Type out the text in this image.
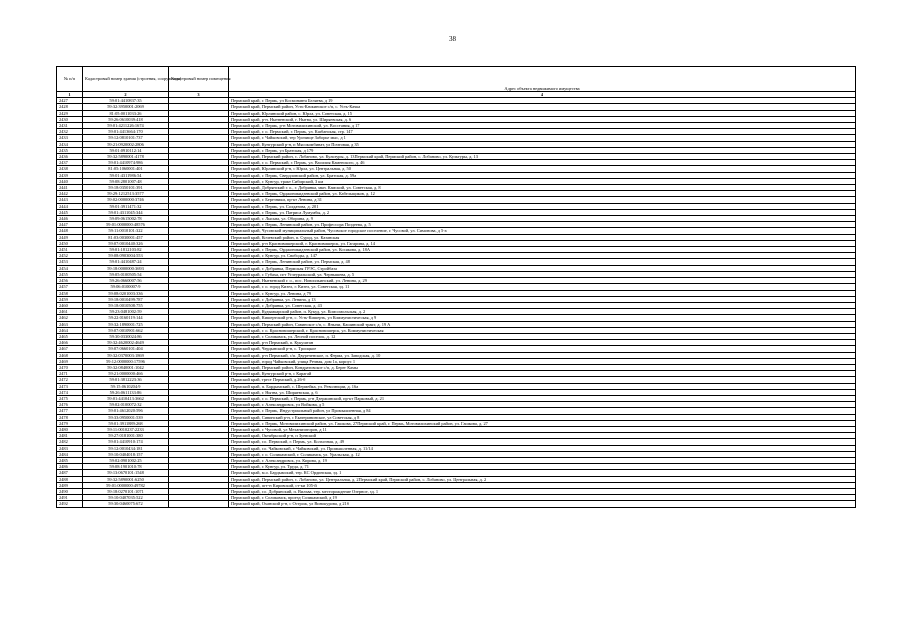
38
№ п/п	Кадастровый номер здания (строения, сооружения)	Кадастровый номер помещения	Адрес объекта недвижимого имущества
1	2	3	4
2427	59:01:4410837:35		Пермский край, г. Пермь, ул Космонавта Беляева, д 19
2428	59:32:3950001:2069		Пермский край, Пермский район, Усть-Качкинское с/п, с. Усть-Качка
2429	81:05:0011033:26		Пермский край, Юрлинский район, с. Юрла, ул. Советская, д. 15
2430	59:26:0610039:418		Пермский край, р-н. Нытвенский, г. Нытва, ул. Ширяевская, д. 6
2431	59:01:4211226:1674		Пермский край, г. Пермь, р-н Мотовилихинский, ул. Восстания, д 17
2432	59:01:4413664:170		Пермский край, г. о. Пермский, г. Пермь, ул. Кшбанская, стр. 147
2433	59:12:0810101:737		Пермский край, г. Чайковский, тер Урочище Заборье мыс, д 1
2434	59:21:0920002:2806		Пермский край, Кунгурский р-н, п Мясокомбинат, ул Почтовая, д 35
2435	59:01:0910112:14		Пермский край, г. Пермь, ул Братская, д 179
2436	59:32:5890001:4178		Пермский край, Пермский район, с. Лобаново, ул. Культуры, д. 13Пермский край, Пермский район, с. Лобаново, ул. Культуры, д. 13
2437	59:01:4410974:986		Пермский край, г. о. Пермский, г. Пермь, ул. Василия Каменского, д. 46
2438	81:05:1060001:401		Пермский край, Юрлинский р-н, с Юрла, ул. Центральная, д. 50
2439	59:01:4311986:54		Пермский край, г. Пермь, Свердловский район, ул. Братская, д. 59а
2440	59:08:2801007:48		Пермский край, г. Кунгур, тракт Сибирский, 3 км
2441	59:18:0350101:391		Пермский край, Добрянский г. о., г. Добрянка, мкн. Камский, ул. Советская, д. 8
2442	59:29:1212513:3577		Пермский край, г. Пермь, Орджоникидзевский район, ул. Кабельщиков, д. 12
2443	59:02:0000000:3746		Пермский край, г. Березники, пр-кт Ленина, д 31
2444	59:01:3911471:32		Пермский край, г. Пермь, ул. Солдатова, д. 201
2445	59:01:4311045:344		Пермский край, г. Пермь, ул. Патриса Лумумбы, д. 2
2446	59:09:0615002:78		Пермский край, г. Лысьва, ул. Оборина, д. 9
2447	59:01:0000000:48576		Пермский край, г. Пермь, Ленинский район, ул. Профессора Поздеева, д. 5
2448	59:11:0010101:322		Пермский край, Чусовской муниципальный район, Чусовское городское поселение, г. Чусовой, ул. Симонова, д 5-а
2449	81:03:0030001:457		Пермский край, Кочевский район, п. Сурод, ул. Казанская
2450	59:07:0010440:326		Пермский край, р-н Красновишерский, г. Красновишерск, ул. Гагарина, д. 14
2451	59:01:1812103:82		Пермский край, г. Пермь, Орджоникидзевский район, ул. Косякова, д. 18А
2452	59:08:0903004:553		Пермский край, г. Кунгур, ул. Свободы, д. 147
2453	59:01:4410487:24		Пермский край, г. Пермь, Ленинский район, ул. Пермская, д. 48
2454	59:18:0000000:3693		Пермский край, г. Добрянка, Пермская ГРЭС, Стройбаза
2455	59:05:0100505:54		Пермский край, г. Губаха, пгт Углеуральский, ул. Чернышева, д. 5
2456	59:26:0660007:56		Пермский край, Нытвенский г. о., пос. Новоильинский, ул. Ленина, д. 29
2457	59:06:0100007:9		Пермский край, г. о. город Кизел, г. Кизел, ул. Советская, зд. 11
2458	59:08:0201003:336		Пермский край, г. Кунгур, ул. Ленина, д 79
2459	59:18:0010499:787		Пермский край, г. Добрянка, ул. Ленина, д 13
2460	59:18:0010508:755		Пермский край, г. Добрянка, ул. Советская, д. 43
2461	59:23:0481002:59		Пермский край, Кудымкарский район, п. Кукуд, ул. Комсомольская, д. 2
2462	59:22:0160119:144		Пермский край, Кишертский р-н, с. Усть-Кишерть, ул Коммунистическая, д 9
2463	59:32:1890001:725		Пермский край, Пермский район, Савинское с/п, с. Янычи, Кашинский тракт, д. 19 А
2464	59:07:0010901:662		Пермский край, г. о. Красновишерский, г. Красновишерск, ул. Коммунистическая
2465	59:30:0330024:86		Пермский край, г. Соликамск, ул. Лесной поселок, д. 12
2466	59:32:4620002:4649		Пермский край, р-н Пермский, п. Кукуштан
2467	59:07:0660101:404		Пермский край, Чердынский р-н, с. Троицкое
2468	59:32:0370003:1869		Пермский край, р-н Пермский, с/п. Двуреченское, п. Ферма, ул. Заводская, д. 10
2469	59:12:0000000:17596		Пермский край, город Чайковский, улица Речная, дом 1а, корпус 1
2470	59:32:0840001:1042		Пермский край, Пермский район, Кондратовское с/п, д. Берег Камы
2471	59:21:0000000:466		Пермский край, Кунгурский р-н, с Карагай
2472	59:01:3812223:36		Пермский край, трест Пермский, д.26-б
2473	59:15:0610204:9		Пермский край, п. Бардымский, с. Шермейка, ул. Революции, д. 16а
2474	59:26:0611133:86		Пермский край, г. Нытва, ул. Ширяевская, д. 6
2475	59:01:4410413:3662		Пермский край, г. о. Пермский, г. Пермь, р-н Дзержинский, пр-кт Парковый, д. 21
2476	59:02:0100072:32		Пермский край, г. Александровск, ул Войкова, д 5
2477	59:01:4612020:596		Пермский край, г. Пермь, Индустриальный район, ул Промышленная, д 84
2478	59:33:0950001:539		Пермский край, Сивинский р-н, с Екатерининское, ул Советская, д 8
2479	59:01:3911889:268		Пермский край, г. Пермь, Мотовилихинский район, ул. Гашкова, 27Пермский край, г. Пермь, Мотовилихинский район, ул. Гашкова, д. 27
2480	59:11:0010237:2233		Пермский край, г. Чусовой, ул Механизаторов, д 11
2481	59:27:0181001:380		Пермский край, Октябрьский р-н, п Зуевский
2482	59:01:4410910:174		Пермский край, г.о. Пермский, г. Пермь, ул. Колхозная, д. 49
2483	59:12:0010434:181		Пермский край, г.о. Чайковский, г. Чайковский, ул. Промышленная, д. 11/14
2484	59:10:0404018:157		Пермский край, г. о. Соликамский, г. Соликамск, ул. Уральская, д. 12
2485	59:02:0901002:25		Пермский край, г. Александровск, ул. Кирова, д. 19
2486	59:08:1901010:78		Пермский край, г. Кунгур, ул. Труда, д. 71
2487	59:13:0670101:1548		Пермский край, м.о. Бардымский, тер. КС Ординская, зд. 1
2488	59:32:5890001:6250		Пермский край, Пермский район, с. Лобаново, ул. Центральная, д. 2Пермский край, Пермский район, с. Лобаново, ул. Центральная, д. 2
2489	59:01:0000000:49782		Пермский край, пгт-н Кировский, ст-ки 105-й
2490	59:18:0270101:1071		Пермский край, г.о. Добрянский, п. Вильва, тер. месторождение Озерное, зд. 1
2491	59:10:0407035:522		Пермский край, г. Соликамск, проезд Соликамский, д 19
2492	59:30:0460075:672		Пермский край, Оханский р-н, с Острож, ул Винокурова, д 21б
